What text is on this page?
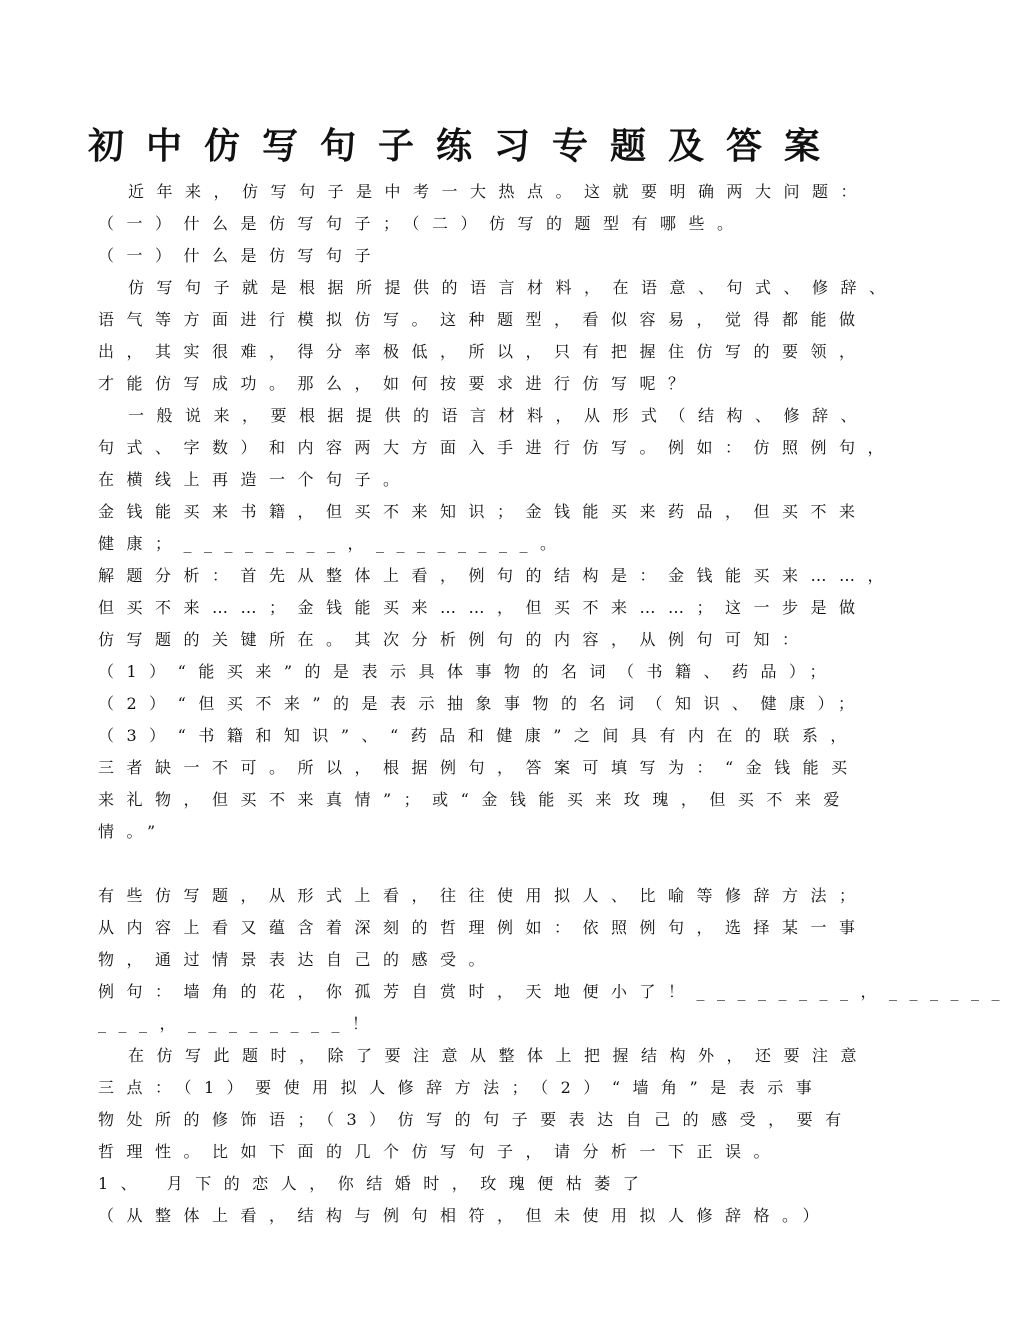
初中仿写句子练习专题及答案

近年来，仿写句子是中考一大热点。这就要明确两大问题：

（一）什么是仿写句子；（二）仿写的题型有哪些。

（一）什么是仿写句子

仿写句子就是根据所提供的语言材料，在语意、句式、修辞、

语气等方面进行模拟仿写。这种题型，看似容易，觉得都能做

出，其实很难，得分率极低，所以，只有把握住仿写的要领，

才能仿写成功。那么，如何按要求进行仿写呢？

一般说来，要根据提供的语言材料，从形式（结构、修辞、

句式、字数）和内容两大方面入手进行仿写。例如：仿照例句，

在横线上再造一个句子。

金钱能买来书籍，但买不来知识；金钱能买来药品，但买不来

健康；________，________。

解题分析：首先从整体上看，例句的结构是：金钱能买来……，

但买不来……；金钱能买来……，但买不来……；这一步是做

仿写题的关键所在。其次分析例句的内容，从例句可知：

（1）“能买来”的是表示具体事物的名词（书籍、药品）；

（2）“但买不来”的是表示抽象事物的名词（知识、健康）；

（3）“书籍和知识”、“药品和健康”之间具有内在的联系，

三者缺一不可。所以，根据例句，答案可填写为：“金钱能买

来礼物，但买不来真情”；或“金钱能买来玫瑰，但买不来爱

情。”

有些仿写题，从形式上看，往往使用拟人、比喻等修辞方法；

从内容上看又蕴含着深刻的哲理例如：依照例句，选择某一事

物，通过情景表达自己的感受。

例句：墙角的花，你孤芳自赏时，天地便小了！________，______

___，________！

在仿写此题时，除了要注意从整体上把握结构外，还要注意

三点：（1）要使用拟人修辞方法；（2）“墙角”是表示事

物处所的修饰语；（3）仿写的句子要表达自己的感受，要有

哲理性。比如下面的几个仿写句子，请分析一下正误。

1、 月下的恋人，你结婚时，玫瑰便枯萎了

（从整体上看，结构与例句相符，但未使用拟人修辞格。）
